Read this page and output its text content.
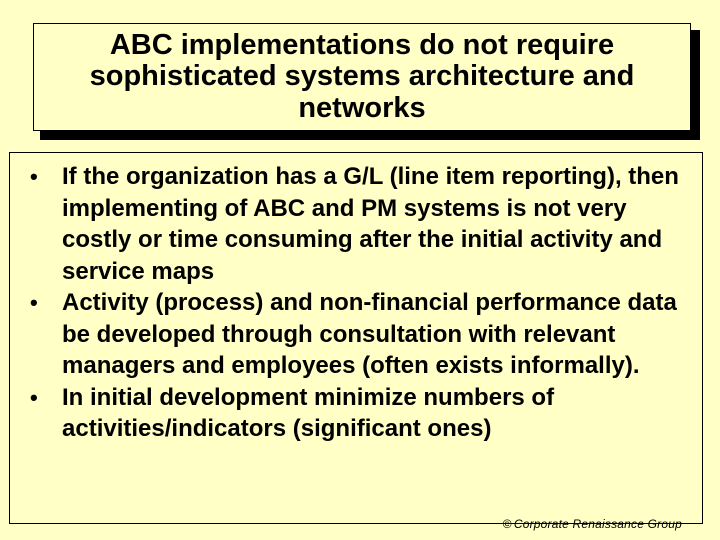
ABC implementations do not require sophisticated systems architecture and networks
• If the organization has a G/L (line item reporting), then implementing of ABC and PM systems is not very costly or time consuming after the initial activity and service maps
• Activity (process) and non-financial performance data be developed through consultation with relevant managers and employees (often exists informally).
• In initial development minimize numbers of activities/indicators (significant ones)
© Corporate Renaissance Group
